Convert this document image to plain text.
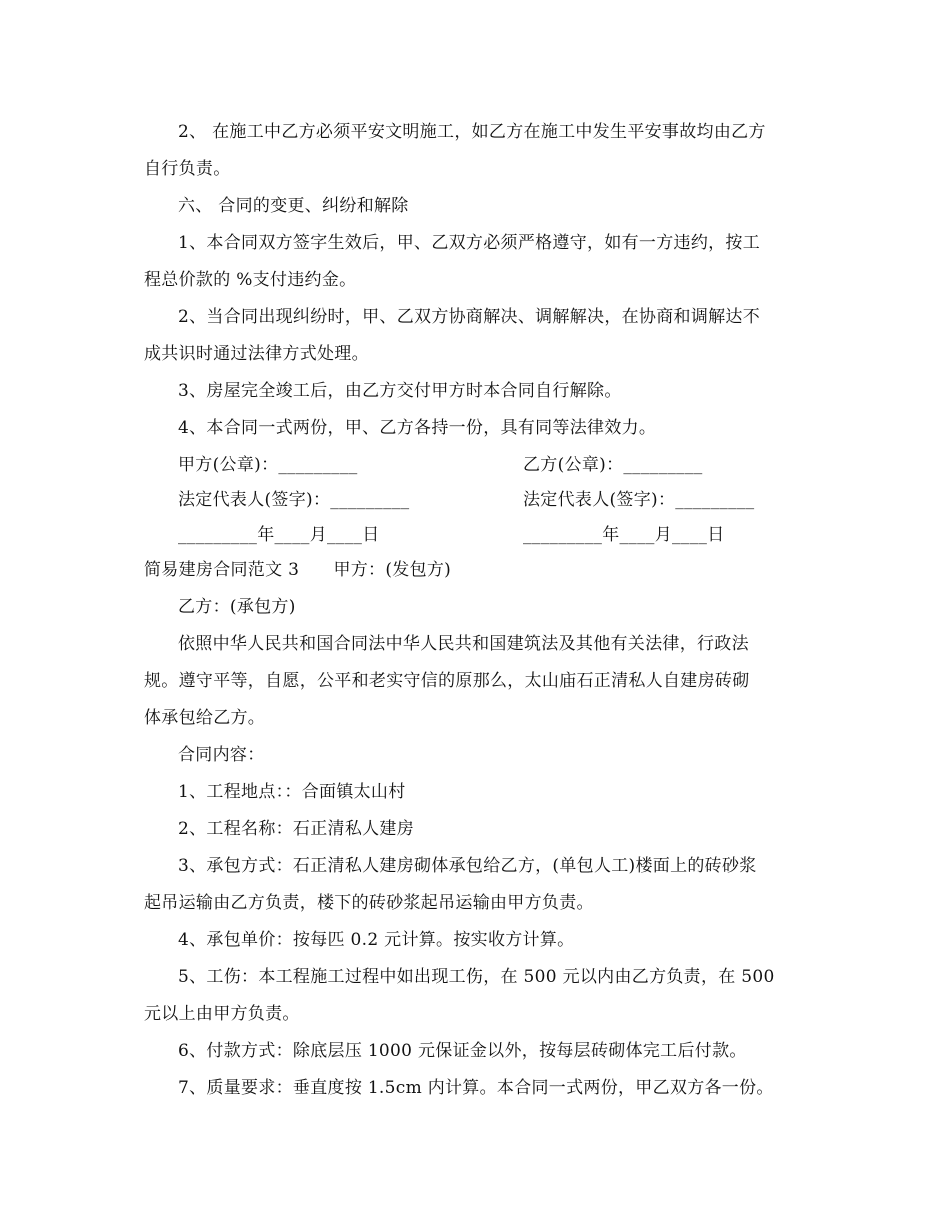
2、 在施工中乙方必须平安文明施工，如乙方在施工中发生平安事故均由乙方
自行负责。
六、 合同的变更、纠纷和解除
1、本合同双方签字生效后，甲、乙双方必须严格遵守，如有一方违约，按工
程总价款的 %支付违约金。
2、当合同出现纠纷时，甲、乙双方协商解决、调解解决，在协商和调解达不
成共识时通过法律方式处理。
3、房屋完全竣工后，由乙方交付甲方时本合同自行解除。
4、本合同一式两份，甲、乙方各持一份，具有同等法律效力。
甲方(公章)：_________	乙方(公章)：_________
法定代表人(签字)：_________	法定代表人(签字)：_________
_________年____月____日	_________年____月____日
简易建房合同范文 3      甲方：(发包方)
乙方：(承包方)
依照中华人民共和国合同法中华人民共和国建筑法及其他有关法律，行政法
规。遵守平等，自愿，公平和老实守信的原那么，太山庙石正清私人自建房砖砌
体承包给乙方。
合同内容：
1、工程地点：：合面镇太山村
2、工程名称：石正清私人建房
3、承包方式：石正清私人建房砌体承包给乙方，(单包人工)楼面上的砖砂浆
起吊运输由乙方负责，楼下的砖砂浆起吊运输由甲方负责。
4、承包单价：按每匹 0.2 元计算。按实收方计算。
5、工伤：本工程施工过程中如出现工伤，在 500 元以内由乙方负责，在 500
元以上由甲方负责。
6、付款方式：除底层压 1000 元保证金以外，按每层砖砌体完工后付款。
7、质量要求：垂直度按 1.5cm 内计算。本合同一式两份，甲乙双方各一份。
